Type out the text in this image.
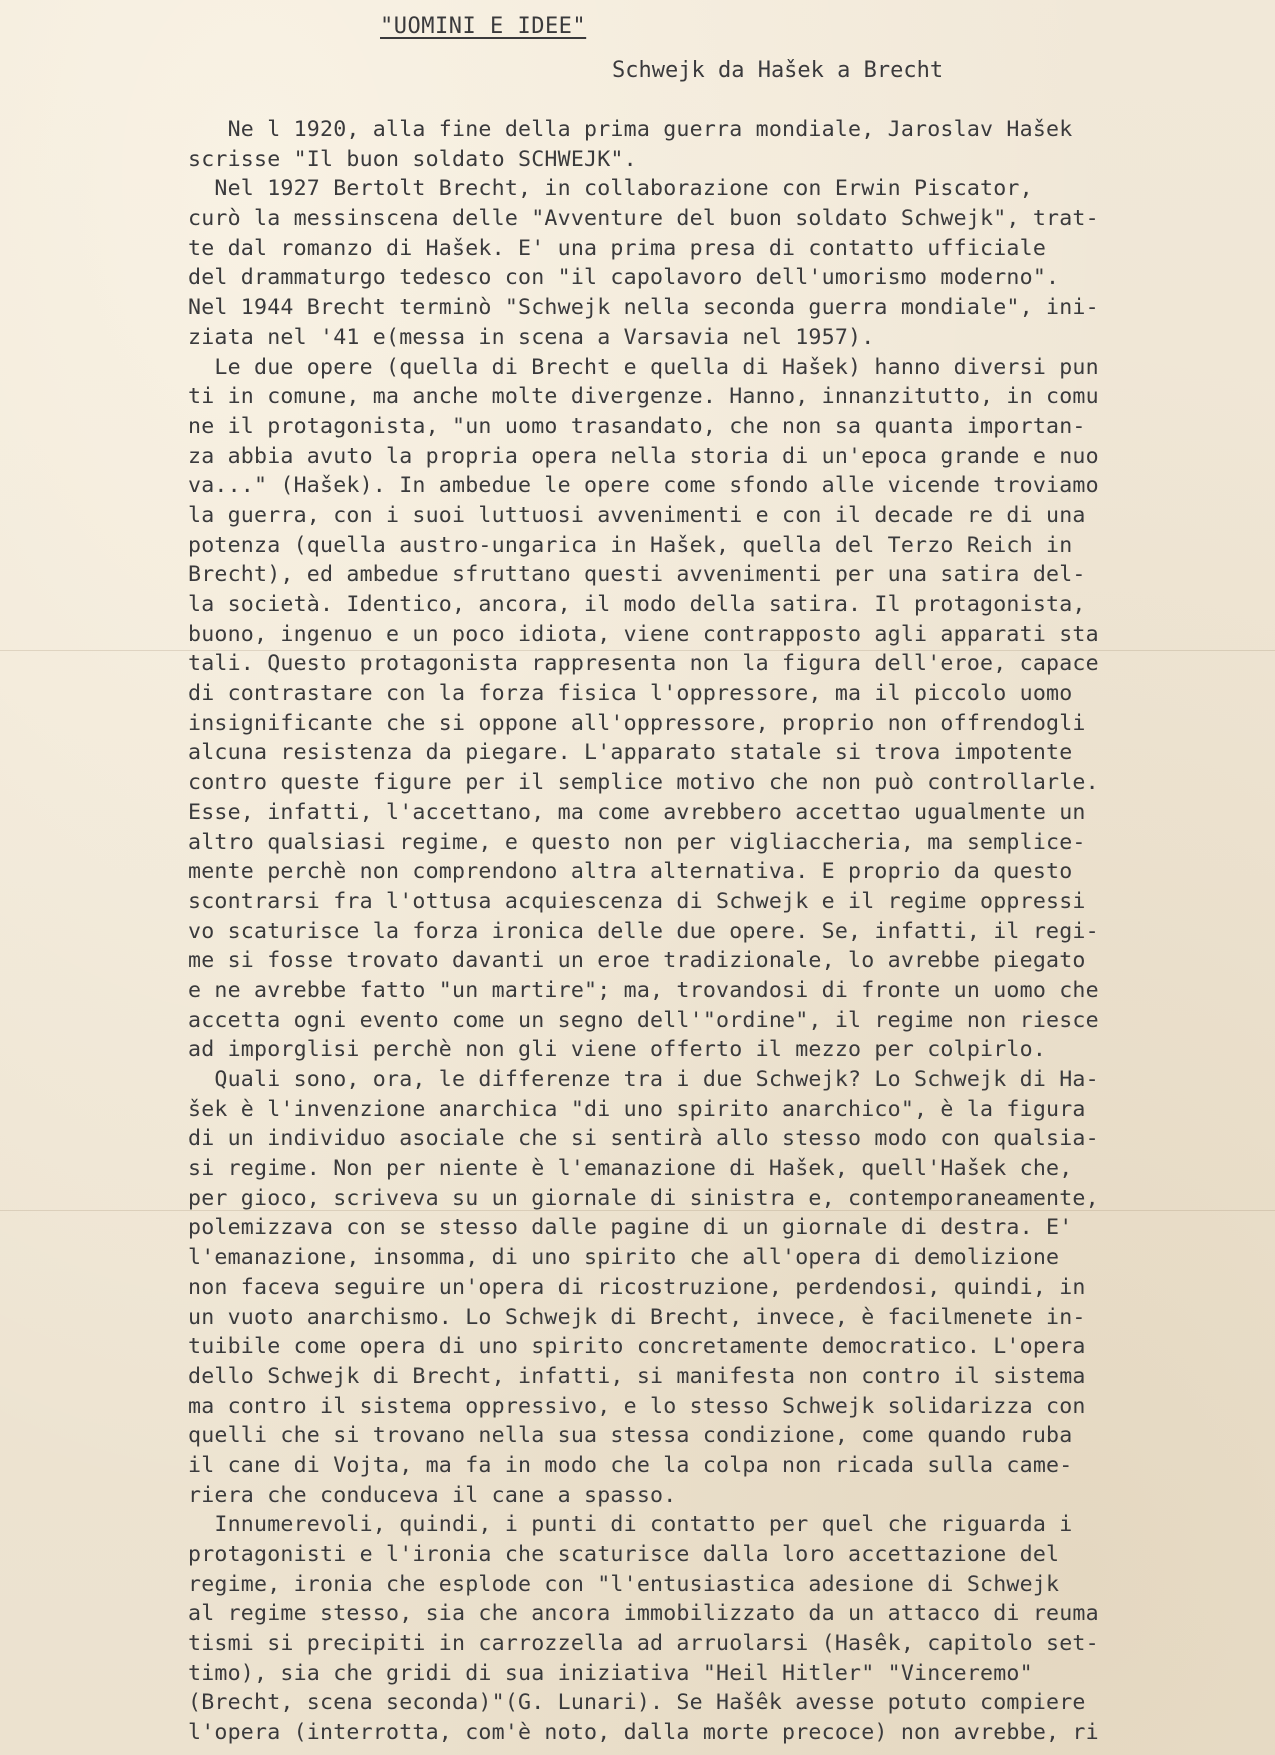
"UOMINI E IDEE"
Schwejk da Hašek a Brecht
Ne l 1920, alla fine della prima guerra mondiale, Jaroslav Hašek
scrisse "Il buon soldato SCHWEJK".
Nel 1927 Bertolt Brecht, in collaborazione con Erwin Piscator,
curò la messinscena delle "Avventure del buon soldato Schwejk", trat-
te dal romanzo di Hašek. E' una prima presa di contatto ufficiale
del drammaturgo tedesco con "il capolavoro dell'umorismo moderno".
Nel 1944 Brecht terminò "Schwejk nella seconda guerra mondiale", ini-
ziata nel '41 e(messa in scena a Varsavia nel 1957).
Le due opere (quella di Brecht e quella di Hašek) hanno diversi pun
ti in comune, ma anche molte divergenze. Hanno, innanzitutto, in comu
ne il protagonista, "un uomo trasandato, che non sa quanta importan-
za abbia avuto la propria opera nella storia di un'epoca grande e nuo
va..." (Hašek). In ambedue le opere come sfondo alle vicende troviamo
la guerra, con i suoi luttuosi avvenimenti e con il decade re di una
potenza (quella austro-ungarica in Hašek, quella del Terzo Reich in
Brecht), ed ambedue sfruttano questi avvenimenti per una satira del-
la società. Identico, ancora, il modo della satira. Il protagonista,
buono, ingenuo e un poco idiota, viene contrapposto agli apparati sta
tali. Questo protagonista rappresenta non la figura dell'eroe, capace
di contrastare con la forza fisica l'oppressore, ma il piccolo uomo
insignificante che si oppone all'oppressore, proprio non offrendogli
alcuna resistenza da piegare. L'apparato statale si trova impotente
contro queste figure per il semplice motivo che non può controllarle.
Esse, infatti, l'accettano, ma come avrebbero accettao ugualmente un
altro qualsiasi regime, e questo non per vigliaccheria, ma semplice-
mente perchè non comprendono altra alternativa. E proprio da questo
scontrarsi fra l'ottusa acquiescenza di Schwejk e il regime oppressi
vo scaturisce la forza ironica delle due opere. Se, infatti, il regi-
me si fosse trovato davanti un eroe tradizionale, lo avrebbe piegato
e ne avrebbe fatto "un martire"; ma, trovandosi di fronte un uomo che
accetta ogni evento come un segno dell'"ordine", il regime non riesce
ad imporglisi perchè non gli viene offerto il mezzo per colpirlo.
Quali sono, ora, le differenze tra i due Schwejk? Lo Schwejk di Ha-
šek è l'invenzione anarchica "di uno spirito anarchico", è la figura
di un individuo asociale che si sentirà allo stesso modo con qualsia-
si regime. Non per niente è l'emanazione di Hašek, quell'Hašek che,
per gioco, scriveva su un giornale di sinistra e, contemporaneamente,
polemizzava con se stesso dalle pagine di un giornale di destra. E'
l'emanazione, insomma, di uno spirito che all'opera di demolizione
non faceva seguire un'opera di ricostruzione, perdendosi, quindi, in
un vuoto anarchismo. Lo Schwejk di Brecht, invece, è facilmenete in-
tuibile come opera di uno spirito concretamente democratico. L'opera
dello Schwejk di Brecht, infatti, si manifesta non contro il sistema
ma contro il sistema oppressivo, e lo stesso Schwejk solidarizza con
quelli che si trovano nella sua stessa condizione, come quando ruba
il cane di Vojta, ma fa in modo che la colpa non ricada sulla came-
riera che conduceva il cane a spasso.
Innumerevoli, quindi, i punti di contatto per quel che riguarda i
protagonisti e l'ironia che scaturisce dalla loro accettazione del
regime, ironia che esplode con "l'entusiastica adesione di Schwejk
al regime stesso, sia che ancora immobilizzato da un attacco di reuma
tismi si precipiti in carrozzella ad arruolarsi (Hasêk, capitolo set-
timo), sia che gridi di sua iniziativa "Heil Hitler" "Vinceremo"
(Brecht, scena seconda)"(G. Lunari). Se Hašêk avesse potuto compiere
l'opera (interrotta, com'è noto, dalla morte precoce) non avrebbe, ri
